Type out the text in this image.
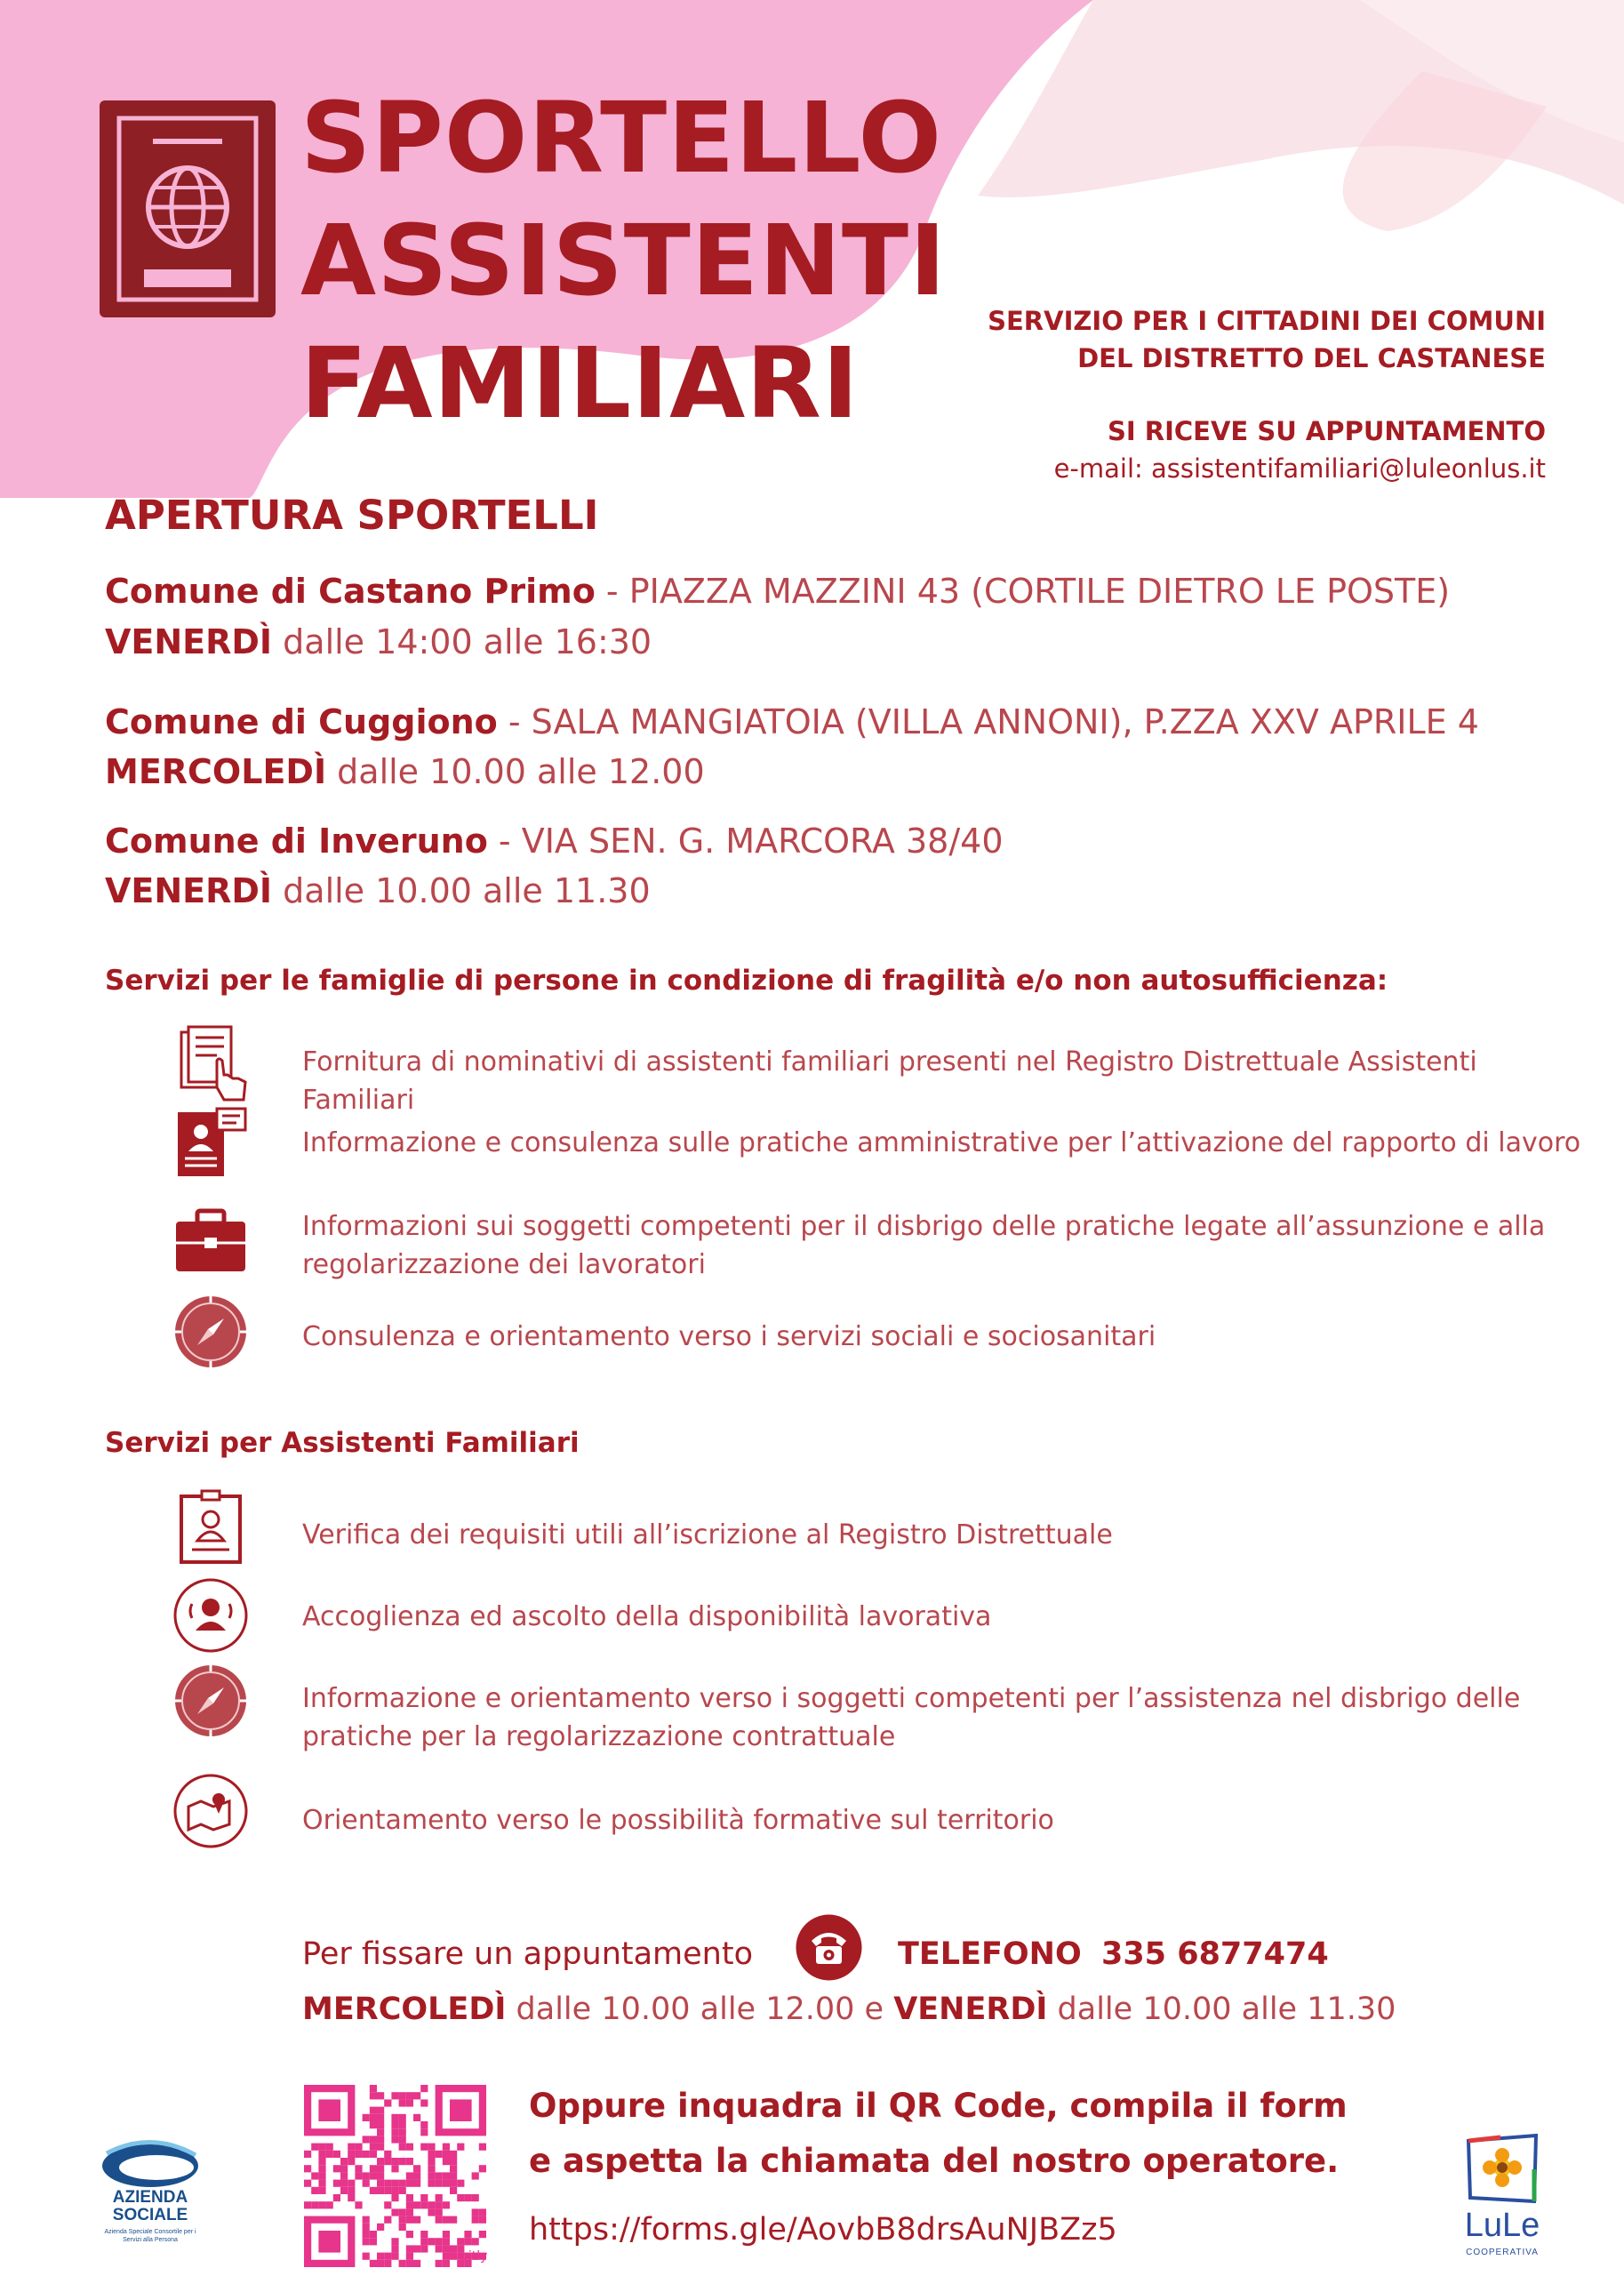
SPORTELLO
ASSISTENTI
FAMILIARI
SERVIZIO PER I CITTADINI DEI COMUNI
DEL DISTRETTO DEL CASTANESE
SI RICEVE SU APPUNTAMENTO
e-mail: assistentifamiliari@luleonlus.it
APERTURA SPORTELLI
Comune di Castano Primo - PIAZZA MAZZINI 43 (CORTILE DIETRO LE POSTE)
VENERDÌ dalle 14:00 alle 16:30
Comune di Cuggiono - SALA MANGIATOIA (VILLA ANNONI), P.ZZA XXV APRILE 4
MERCOLEDÌ dalle 10.00 alle 12.00
Comune di Inveruno - VIA SEN. G. MARCORA 38/40
VENERDÌ dalle 10.00 alle 11.30
Servizi per le famiglie di persone in condizione di fragilità e/o non autosufficienza:
Fornitura di nominativi di assistenti familiari presenti nel Registro Distrettuale Assistenti Familiari
Informazione e consulenza sulle pratiche amministrative per l’attivazione del rapporto di lavoro
Informazioni sui soggetti competenti per il disbrigo delle pratiche legate all’assunzione e alla regolarizzazione dei lavoratori
Consulenza e orientamento verso i servizi sociali e sociosanitari
Servizi per Assistenti Familiari
Verifica dei requisiti utili all’iscrizione al Registro Distrettuale
Accoglienza ed ascolto della disponibilità lavorativa
Informazione e orientamento verso i soggetti competenti per l’assistenza nel disbrigo delle pratiche per la regolarizzazione contrattuale
Orientamento verso le possibilità formative sul territorio
Per fissare un appuntamento	TELEFONO 335 6877474
MERCOLEDÌ dalle 10.00 alle 12.00 e VENERDÌ dalle 10.00 alle 11.30
bitly
Oppure inquadra il QR Code, compila il form
e aspetta la chiamata del nostro operatore.
https://forms.gle/AovbB8drsAuNJBZz5
AZIENDA
SOCIALE
Azienda Speciale Consortile per i Servizi alla Persona	LuLe
COOPERATIVA
